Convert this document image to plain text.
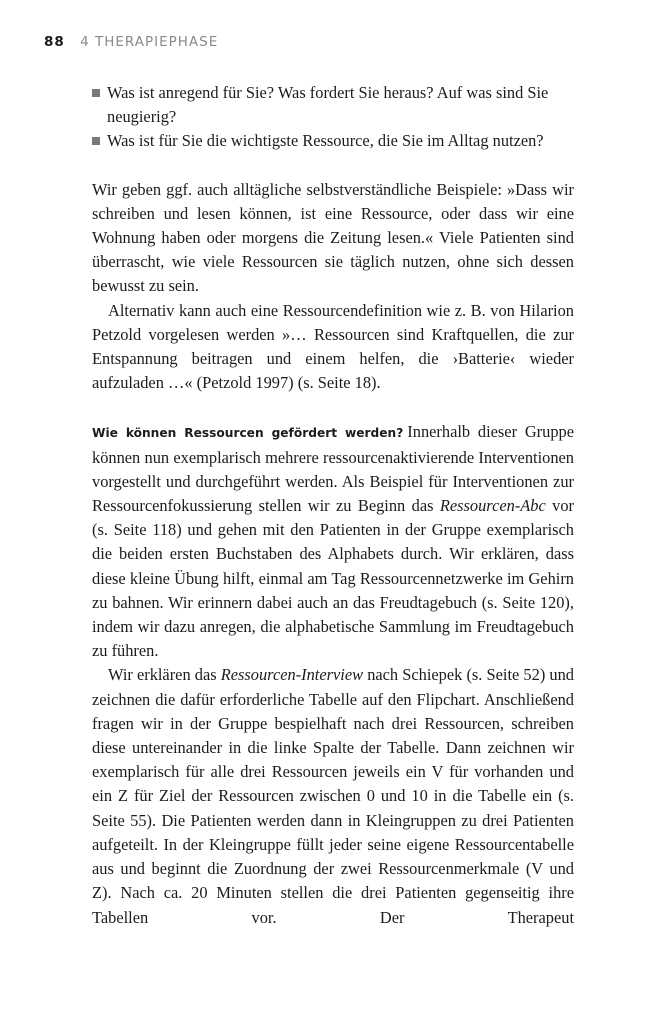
88 4 THERAPIEPHASE
Was ist anregend für Sie? Was fordert Sie heraus? Auf was sind Sie neugierig?
Was ist für Sie die wichtigste Ressource, die Sie im Alltag nutzen?

Wir geben ggf. auch alltägliche selbstverständliche Beispiele: »Dass wir schreiben und lesen können, ist eine Ressource, oder dass wir eine Wohnung haben oder morgens die Zeitung lesen.« Viele Patienten sind überrascht, wie viele Ressourcen sie täglich nutzen, ohne sich dessen bewusst zu sein.

Alternativ kann auch eine Ressourcendefinition wie z. B. von Hilarion Petzold vorgelesen werden »… Ressourcen sind Kraftquellen, die zur Entspannung beitragen und einem helfen, die ›Batterie‹ wieder aufzuladen …« (Petzold 1997) (s. Seite 18).

Wie können Ressourcen gefördert werden? Innerhalb dieser Gruppe können nun exemplarisch mehrere ressourcenaktivierende Interventionen vorgestellt und durchgeführt werden. Als Beispiel für Interventionen zur Ressourcenfokussierung stellen wir zu Beginn das Ressourcen-Abc vor (s. Seite 118) und gehen mit den Patienten in der Gruppe exemplarisch die beiden ersten Buchstaben des Alphabets durch. Wir erklären, dass diese kleine Übung hilft, einmal am Tag Ressourcennetzwerke im Gehirn zu bahnen. Wir erinnern dabei auch an das Freudtagebuch (s. Seite 120), indem wir dazu anregen, die alphabetische Sammlung im Freudtagebuch zu führen.

Wir erklären das Ressourcen-Interview nach Schiepek (s. Seite 52) und zeichnen die dafür erforderliche Tabelle auf den Flipchart. Anschließend fragen wir in der Gruppe bespielhaft nach drei Ressourcen, schreiben diese untereinander in die linke Spalte der Tabelle. Dann zeichnen wir exemplarisch für alle drei Ressourcen jeweils ein V für vorhanden und ein Z für Ziel der Ressourcen zwischen 0 und 10 in die Tabelle ein (s. Seite 55). Die Patienten werden dann in Kleingruppen zu drei Patienten aufgeteilt. In der Kleingruppe füllt jeder seine eigene Ressourcentabelle aus und beginnt die Zuordnung der zwei Ressourcenmerkmale (V und Z). Nach ca. 20 Minuten stellen die drei Patienten gegenseitig ihre Tabellen vor. Der Therapeut
